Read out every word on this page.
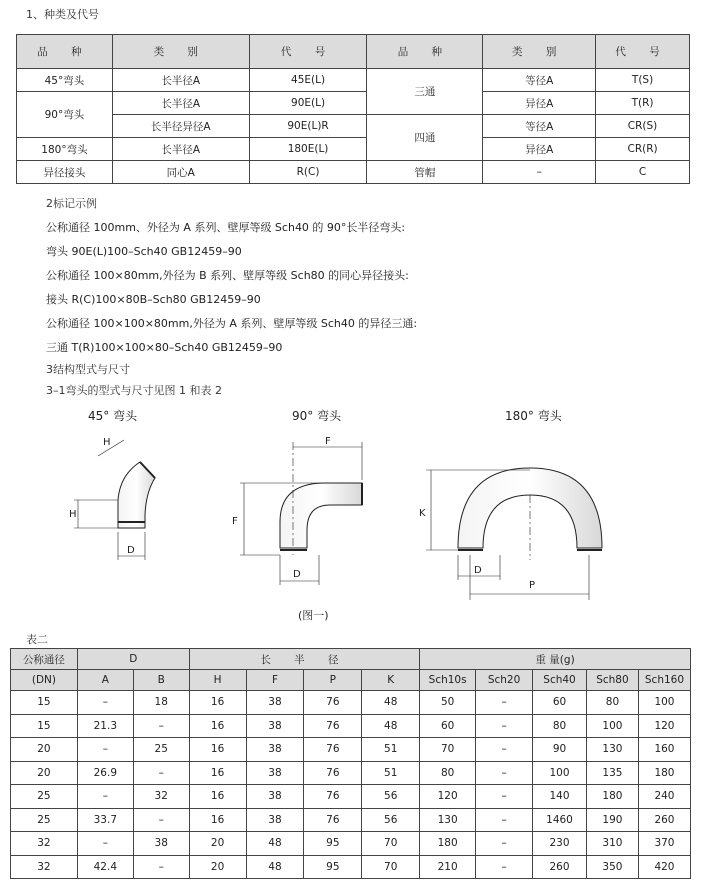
1、种类及代号
品 种	类 别	代 号	品 种	类 别	代 号
45°弯头	长半径A	45E(L)	三通	等径A	T(S)
90°弯头	长半径A	90E(L)		异径A	T(R)
	长半径异径A	90E(L)R	四通	等径A	CR(S)
180°弯头	长半径A	180E(L)		异径A	CR(R)
异径接头	同心A	R(C)	管帽	–	C
2标记示例
公称通径 100mm、外径为 A 系列、壁厚等级 Sch40 的 90°长半径弯头:
弯头 90E(L)100–Sch40 GB12459–90
公称通径 100×80mm,外径为 B 系列、壁厚等级 Sch80 的同心异径接头:
接头 R(C)100×80B–Sch80 GB12459–90
公称通径 100×100×80mm,外径为 A 系列、壁厚等级 Sch40 的异径三通:
三通 T(R)100×100×80–Sch40 GB12459–90
3结构型式与尺寸
3–1弯头的型式与尺寸见图 1 和表 2
45° 弯头	90° 弯头	180° 弯头
H
H
D
F
F
D
K
D
P
(图一)
表二
公称通径	D		长 半 径				重 量(g)				
(DN)	A	B	H	F	P	K	Sch10s	Sch20	Sch40	Sch80	Sch160
15	–	18	16	38	76	48	50	–	60	80	100
15	21.3	–	16	38	76	48	60	–	80	100	120
20	–	25	16	38	76	51	70	–	90	130	160
20	26.9	–	16	38	76	51	80	–	100	135	180
25	–	32	16	38	76	56	120	–	140	180	240
25	33.7	–	16	38	76	56	130	–	1460	190	260
32	–	38	20	48	95	70	180	–	230	310	370
32	42.4	–	20	48	95	70	210	–	260	350	420
